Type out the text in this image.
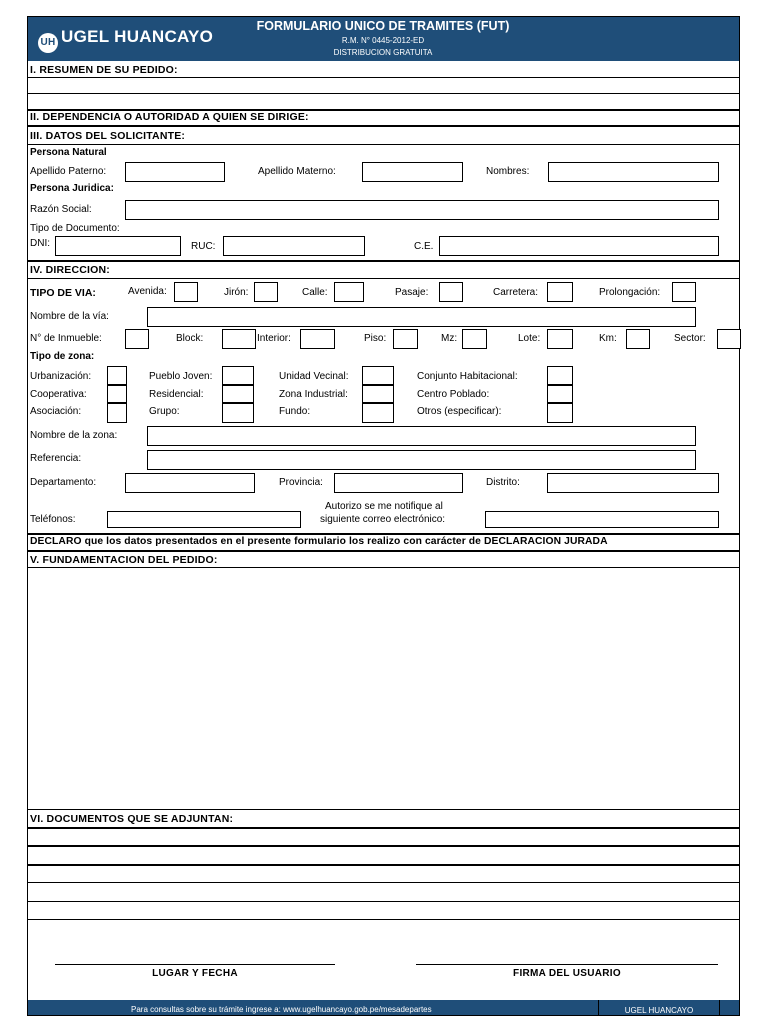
UH UGEL HUANCAYO
FORMULARIO UNICO DE TRAMITES (FUT)
R.M. N° 0445-2012-ED
DISTRIBUCION GRATUITA
I. RESUMEN DE SU PEDIDO:
II. DEPENDENCIA O AUTORIDAD A QUIEN SE DIRIGE:
III. DATOS DEL SOLICITANTE:
Persona Natural
Apellido Paterno:	Apellido Materno:	Nombres:
Persona Juridica:
Razón Social:
Tipo de Documento:
DNI:	RUC:	C.E.
IV. DIRECCION:
TIPO DE VIA:	Avenida:	Jirón:	Calle:	Pasaje:	Carretera:	Prolongación:
Nombre de la vía:
N° de Inmueble:	Block:	Interior:	Piso:	Mz:	Lote:	Km:	Sector:
Tipo de zona:
Urbanización:	Pueblo Joven:	Unidad Vecinal:	Conjunto Habitacional:
Cooperativa:	Residencial:	Zona Industrial:	Centro Poblado:
Asociación:	Grupo:	Fundo:	Otros (especificar):
Nombre de la zona:
Referencia:
Departamento:	Provincia:	Distrito:
Autorizo se me notifique al
siguiente correo electrónico:
Teléfonos:
DECLARO que los datos presentados en el presente formulario los realizo con carácter de DECLARACION JURADA
V. FUNDAMENTACION DEL PEDIDO:
VI. DOCUMENTOS QUE SE ADJUNTAN:
LUGAR Y FECHA	FIRMA DEL USUARIO
Para consultas sobre su trámite ingrese a: www.ugelhuancayo.gob.pe/mesadepartes	UGEL HUANCAYO
